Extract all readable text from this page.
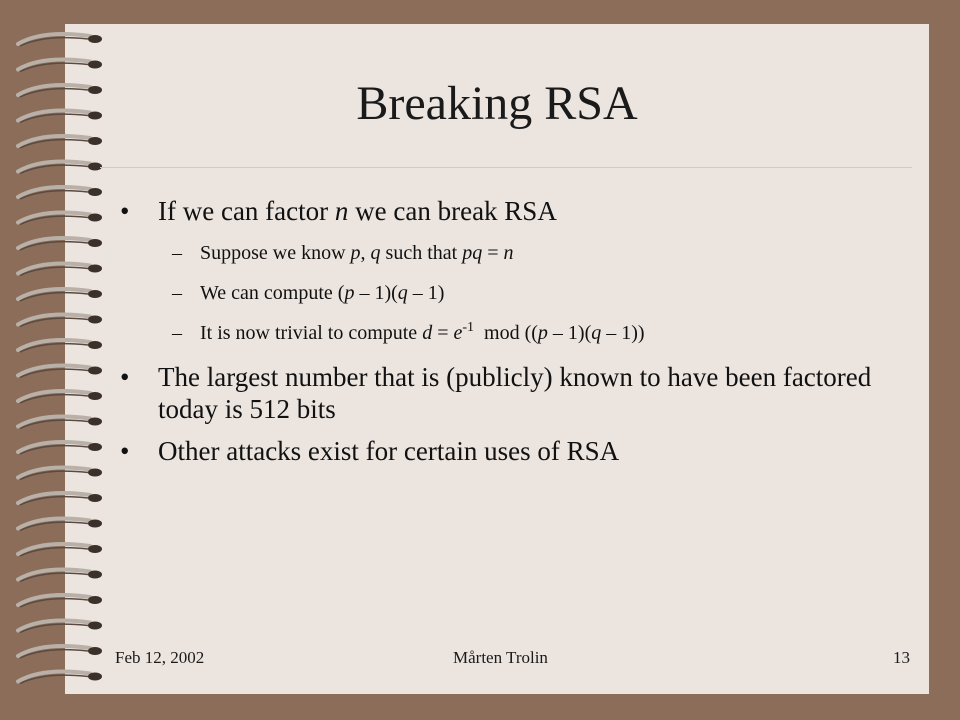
Breaking RSA
• If we can factor n we can break RSA
– Suppose we know p, q such that pq = n
– We can compute (p – 1)(q – 1)
– It is now trivial to compute $d = e^{-1}$  mod ((p – 1)(q – 1))
• The largest number that is (publicly) known to have been factored today is 512 bits
• Other attacks exist for certain uses of RSA
Feb 12, 2002	Mårten Trolin	13
